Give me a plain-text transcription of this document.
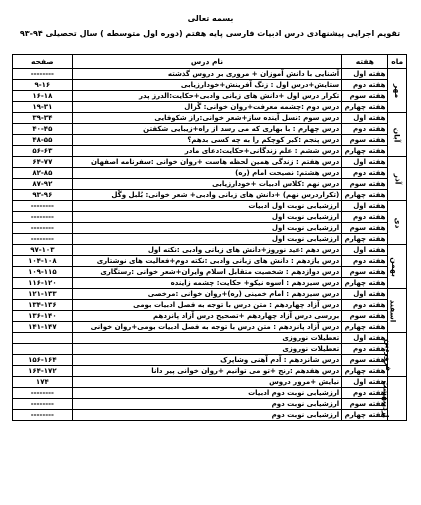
بسمه تعالی
تقویم اجرایی پیشنهادی درس ادبیات فارسی پایه هفتم (دوره اول متوسطه ) سال تحصیلی ۹۴-۹۳
ماه	هفته	نام درس	صفحه
مهر	هفته اول	آشنایی با دانش آموزان + مروری بر دروس گذشته	--------
	هفته دوم	ستایش+درس اول : زنگ آفرینش+خودارزیابی	۹-۱۶
	هفته سوم	تکرار درس اول +دانش های زبانی وادبی+حکایت:الدرز پدر	۱۶-۱۸
	هفته چهارم	درس دوم :چشمه معرفت+روان خوانی: گُزال	۱۹-۳۱
آبان	هفته اول	درس سوم :نسل آینده ساز+شعر خوانی:راز شکوفایی	۳۹-۳۴
	هفته دوم	درس چهارم : با بهاری که می رسد از راه+زیبایی شکفتن	۴۰-۴۵
	هفته سوم	درس پنجم :کبر کوچکم را به چه کسی بدهم؟	۴۸-۵۵
	هفته چهارم	درس ششم : علم زندگانی+حکایت:دعای مادر	۵۶-۶۳
آذر	هفته اول	درس هفتم : زندگی همین لحظه هاست +روان خوانی :سفرنامه اصفهان	۶۴-۷۷
	هفته دوم	درس هشتم: نصیحت امام (ره)	۸۲-۸۵
	هفته سوم	درس نهم :کلاس ادبیات +خودارزیابی	۸۷-۹۲
	هفته چهارم	(تکراردرس نهم) +دانش های زبانی وادبی+ شعر خوانی: بُلبل وگُل	۹۳-۹۶
دی	هفته اول	ارزشیابی نوبت اول ادبیات	--------
	هفته دوم	ارزشیابی نوبت اول	--------
	هفته سوم	ارزشیابی نوبت اول	--------
	هفته چهارم	ارزشیابی نوبت اول	--------
بهمن	هفته اول	درس دهم :عید نوروز+دانش های زبانی وادبی :نکته اول	۹۷-۱۰۳
	هفته دوم	درس یازدهم : دانش های زبانی وادبی :نکته دوم+فعالیت های نوشتاری	۱۰۴-۱۰۸
	هفته سوم	درس دوازدهم : شخصیت متقابل اسلام وایران+شعر خوانی :رستگاری	۱۰۹-۱۱۵
	هفته چهارم	درس سیزدهم : اسوه نیکو+ حکایت: چشمه زاینده	۱۱۶-۱۲۰
اسفند	هفته اول	درس سیزدهم : امام خمینی (ره)+روان خوانی :مرخصی	۱۲۱-۱۳۳
	هفته دوم	درس آزاد چهاردهم : متن درس با توجه به فصل ادبیات بومی	۱۳۴-۱۳۶
	هفته سوم	بررسی درس آزاد چهاردهم +تصحیح درس آزاد پانزدهم	۱۳۶-۱۴۰
	هفته چهارم	درس آزاد پانزدهم : متن درس با توجه به فصل ادبیات بومی+روان خوانی	۱۴۱-۱۴۷
فروردین	هفته اول	تعطیلات نوروزی	
	هفته دوم	تعطیلات نوروزی	
	هفته سوم	درس شانزدهم : آدم آهنی وشاپرک	۱۵۶-۱۶۴
	هفته چهارم	درس هفدهم :رنج +تو می توانیم +روان خوانی پیر دانا	۱۶۴-۱۷۲
اردیبهشت	هفته اول	نیایش +مرور دروس	۱۷۴
	هفته دوم	ارزشیابی نوبت دوم ادبیات	--------
	هفته سوم	ارزشیابی نوبت دوم	--------
	هفته چهارم	ارزشیابی نوبت دوم	--------
